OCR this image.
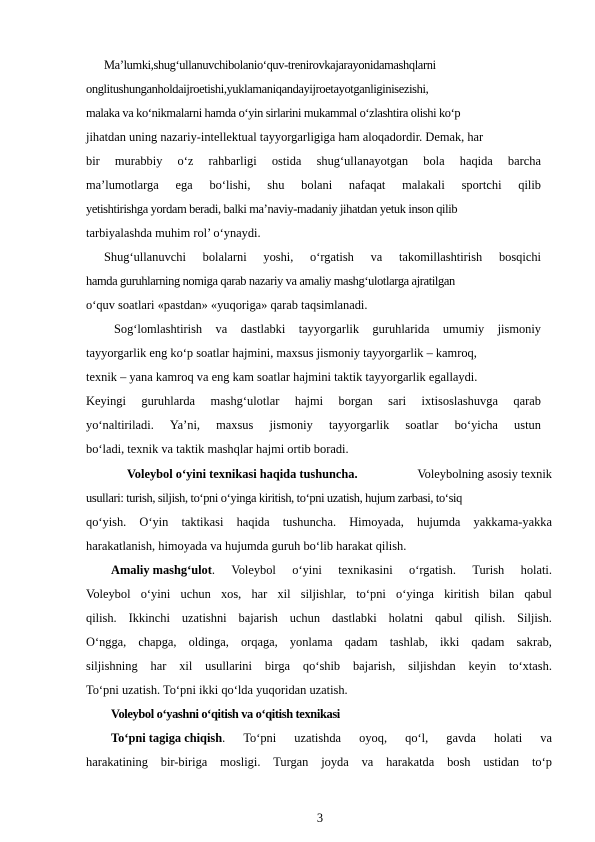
Ma’lumki,shug‘ullanuvchibolanio‘quv-trenirovkajarayonidamashqlarni
onglitushunganholdaijroetishi,yuklamaniqandayijroetayotganliginisezishi,
malaka va ko‘nikmalarni hamda o‘yin sirlarini mukammal o‘zlashtira olishi ko‘p
jihatdan uning nazariy-intellektual tayyorgarligiga ham aloqadordir. Demak, har
bir murabbiy o‘z rahbarligi ostida shug‘ullanayotgan bola haqida barcha
ma’lumotlarga ega bo‘lishi, shu bolani nafaqat malakali sportchi qilib
yetishtirishga yordam beradi, balki ma’naviy-madaniy jihatdan yetuk inson qilib
tarbiyalashda muhim rol’ o‘ynaydi.
Shug‘ullanuvchi bolalarni yoshi, o‘rgatish va takomillashtirish bosqichi
hamda guruhlarning nomiga qarab nazariy va amaliy mashg‘ulotlarga ajratilgan
o‘quv soatlari «pastdan» «yuqoriga» qarab taqsimlanadi.
Sog‘lomlashtirish va dastlabki tayyorgarlik guruhlarida umumiy jismoniy
tayyorgarlik eng ko‘p soatlar hajmini, maxsus jismoniy tayyorgarlik – kamroq,
texnik – yana kamroq va eng kam soatlar hajmini taktik tayyorgarlik egallaydi.
Keyingi guruhlarda mashg‘ulotlar hajmi borgan sari ixtisoslashuvga qarab
yo‘naltiriladi. Ya’ni, maxsus jismoniy tayyorgarlik soatlar bo‘yicha ustun
bo‘ladi, texnik va taktik mashqlar hajmi ortib boradi.
Voleybol o‘yini texnikasi haqida tushuncha.	Voleybolning asosiy texnik
usullari: turish, siljish, to‘pni o‘yinga kiritish, to‘pni uzatish, hujum zarbasi, to‘siq
qo‘yish. O‘yin taktikasi haqida tushuncha. Himoyada, hujumda yakkama-yakka
harakatlanish, himoyada va hujumda guruh bo‘lib harakat qilish.
Amaliy mashg‘ulot. Voleybol o‘yini texnikasini o‘rgatish. Turish holati.
Voleybol o‘yini uchun xos, har xil siljishlar, to‘pni o‘yinga kiritish bilan qabul
qilish. Ikkinchi uzatishni bajarish uchun dastlabki holatni qabul qilish. Siljish.
O‘ngga, chapga, oldinga, orqaga, yonlama qadam tashlab, ikki qadam sakrab,
siljishning har xil usullarini birga qo‘shib bajarish, siljishdan keyin to‘xtash.
To‘pni uzatish. To‘pni ikki qo‘lda yuqoridan uzatish.
Voleybol o‘yashni o‘qitish va o‘qitish texnikasi
To‘pni tagiga chiqish. To‘pni uzatishda oyoq, qo‘l, gavda holati va
harakatining bir-biriga mosligi. Turgan joyda va harakatda bosh ustidan to‘p
3
